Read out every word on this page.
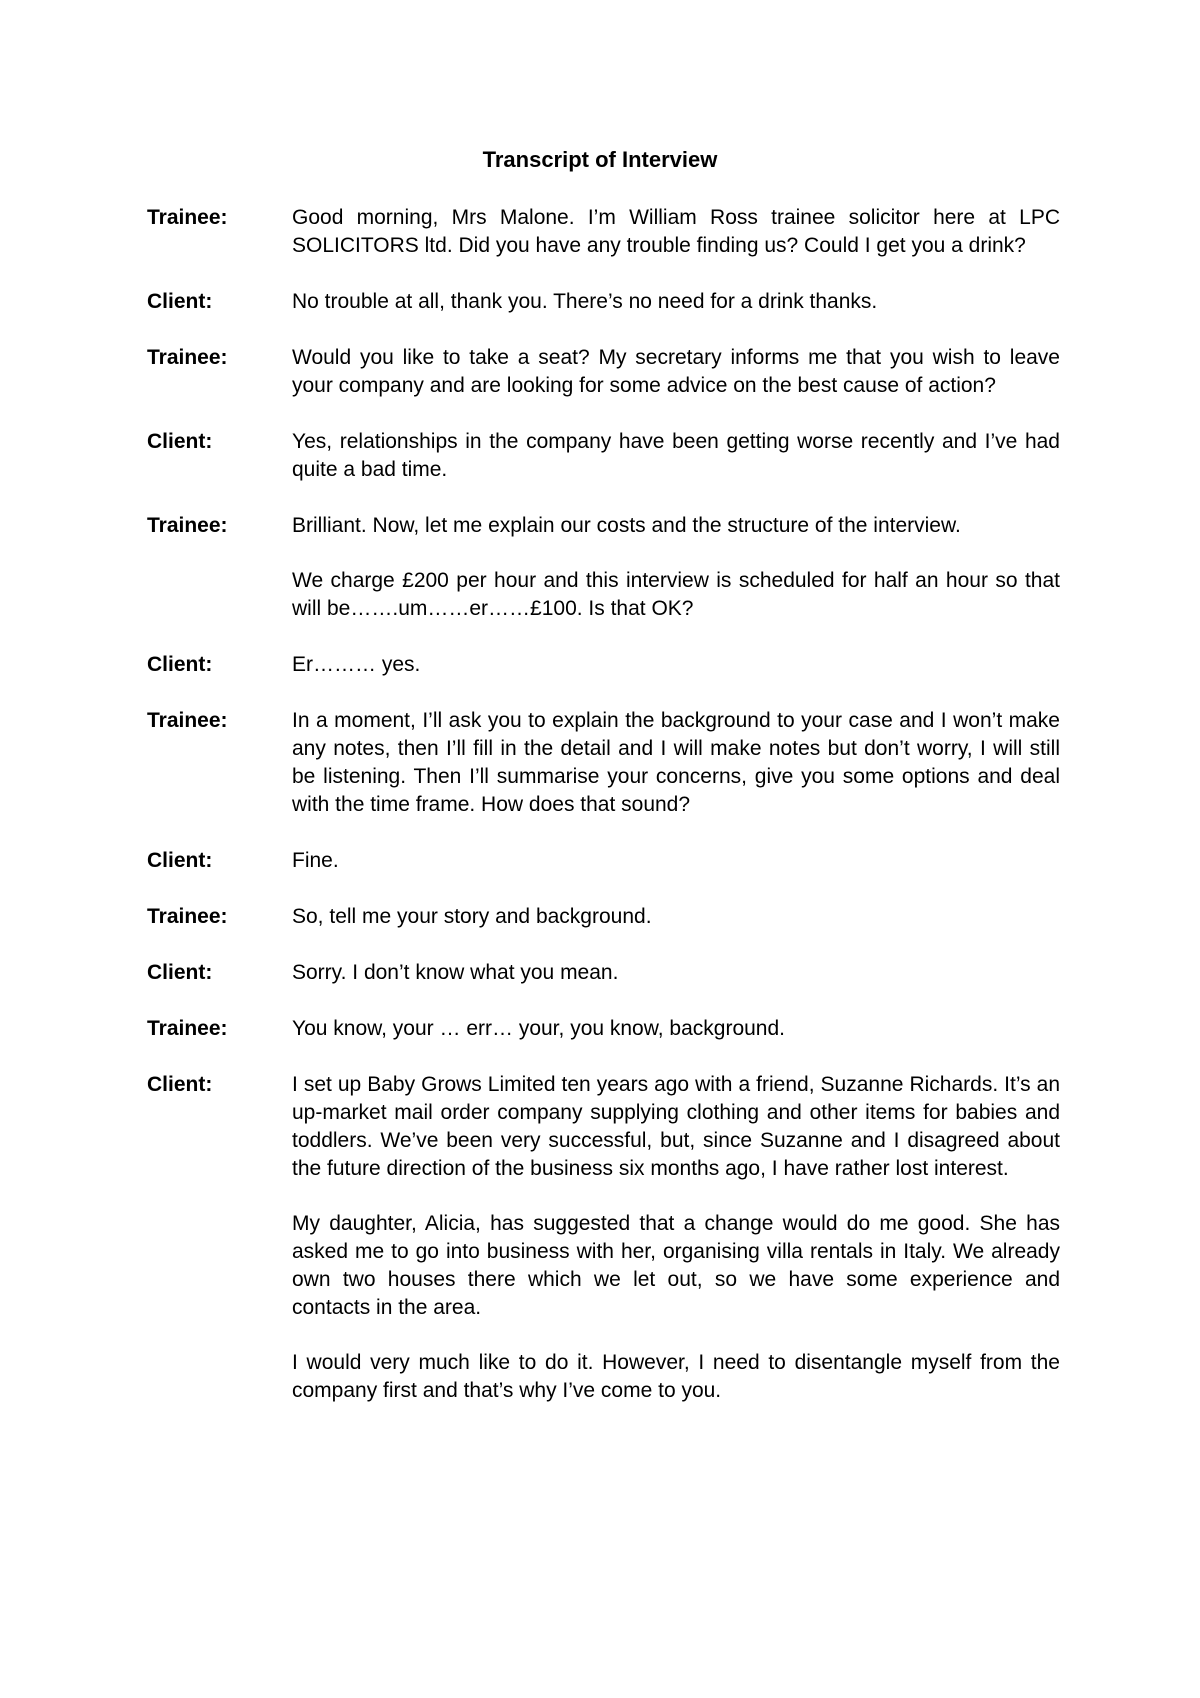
Transcript of Interview
Trainee:	Good morning, Mrs Malone. I’m William Ross trainee solicitor here at LPC SOLICITORS ltd. Did you have any trouble finding us? Could I get you a drink?

Client:	No trouble at all, thank you. There’s no need for a drink thanks.

Trainee:	Would you like to take a seat? My secretary informs me that you wish to leave your company and are looking for some advice on the best cause of action?

Client:	Yes, relationships in the company have been getting worse recently and I’ve had quite a bad time.

Trainee:	Brilliant. Now, let me explain our costs and the structure of the interview.

We charge £200 per hour and this interview is scheduled for half an hour so that will be…….um……er……£100. Is that OK?

Client:	Er……… yes.

Trainee:	In a moment, I’ll ask you to explain the background to your case and I won’t make any notes, then I’ll fill in the detail and I will make notes but don’t worry, I will still be listening. Then I’ll summarise your concerns, give you some options and deal with the time frame. How does that sound?

Client:	Fine.

Trainee:	So, tell me your story and background.

Client:	Sorry. I don’t know what you mean.

Trainee:	You know, your … err… your, you know, background.

Client:	I set up Baby Grows Limited ten years ago with a friend, Suzanne Richards. It’s an up-market mail order company supplying clothing and other items for babies and toddlers. We’ve been very successful, but, since Suzanne and I disagreed about the future direction of the business six months ago, I have rather lost interest.

My daughter, Alicia, has suggested that a change would do me good. She has asked me to go into business with her, organising villa rentals in Italy. We already own two houses there which we let out, so we have some experience and contacts in the area.

I would very much like to do it. However, I need to disentangle myself from the company first and that’s why I’ve come to you.
